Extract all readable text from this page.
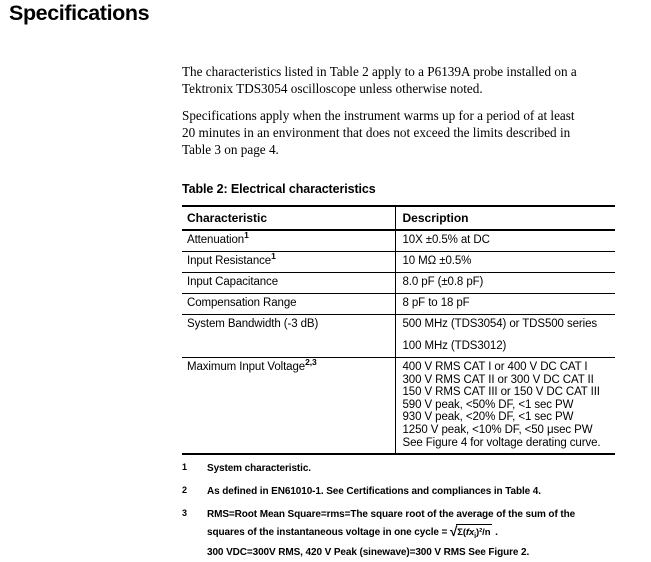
Specifications

The characteristics listed in Table 2 apply to a P6139A probe installed on a
Tektronix TDS3054 oscilloscope unless otherwise noted.

Specifications apply when the instrument warms up for a period of at least
20 minutes in an environment that does not exceed the limits described in
Table 3 on page 4.

Table 2: Electrical characteristics
Characteristic	Description
Attenuation$^1$	10X ±0.5% at DC

Input Resistance$^1$	10 MΩ ±0.5%

Input Capacitance	8.0 pF (±0.8 pF)

Compensation Range	8 pF to 18 pF

System Bandwidth (-3 dB)	500 MHz (TDS3054) or TDS500 series
100 MHz (TDS3012)

Maximum Input Voltage$^{2,3}$	400 V RMS CAT I or 400 V DC CAT I
300 V RMS CAT II or 300 V DC CAT II
150 V RMS CAT III or 150 V DC CAT III
590 V peak, <50% DF, <1 sec PW
930 V peak, <20% DF, <1 sec PW
1250 V peak, <10% DF, <50 μsec PW
See Figure 4 for voltage derating curve.
1	System characteristic.
2	As defined in EN61010-1. See Certifications and compliances in Table 4.
3	RMS=Root Mean Square=rms=The square root of the average of the sum of the
squares of the instantaneous voltage in one cycle = $√\Sigma(fx_i)^2/n$ .
300 VDC=300V RMS, 420 V Peak (sinewave)=300 V RMS See Figure 2.
